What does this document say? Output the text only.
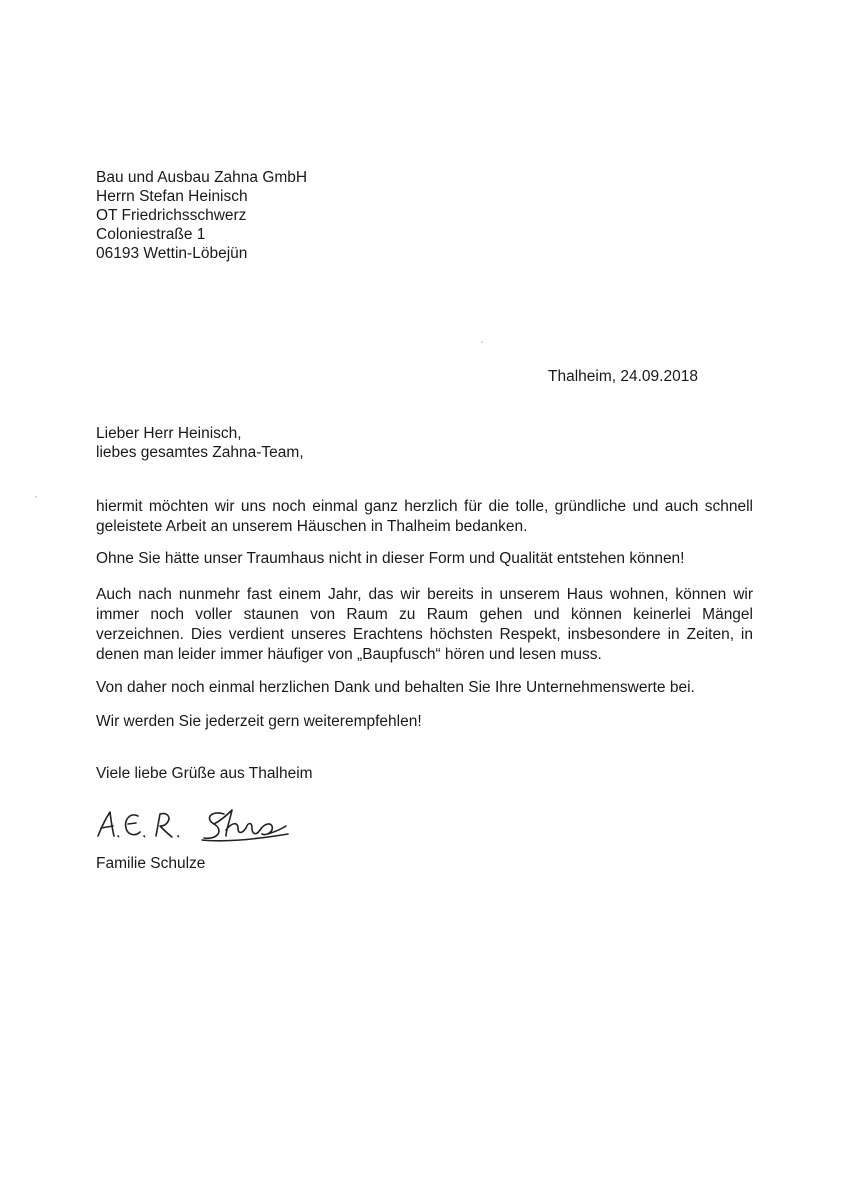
Bau und Ausbau Zahna GmbH
Herrn Stefan Heinisch
OT Friedrichsschwerz
Coloniestraße 1
06193 Wettin-Löbejün
Thalheim, 24.09.2018
Lieber Herr Heinisch,
liebes gesamtes Zahna-Team,
hiermit möchten wir uns noch einmal ganz herzlich für die tolle, gründliche und auch schnell geleistete Arbeit an unserem Häuschen in Thalheim bedanken.
Ohne Sie hätte unser Traumhaus nicht in dieser Form und Qualität entstehen können!
Auch nach nunmehr fast einem Jahr, das wir bereits in unserem Haus wohnen, können wir immer noch voller staunen von Raum zu Raum gehen und können keinerlei Mängel verzeichnen. Dies verdient unseres Erachtens höchsten Respekt, insbesondere in Zeiten, in denen man leider immer häufiger von „Baupfusch“ hören und lesen muss.
Von daher noch einmal herzlichen Dank und behalten Sie Ihre Unternehmenswerte bei.
Wir werden Sie jederzeit gern weiterempfehlen!
Viele liebe Grüße aus Thalheim
Familie Schulze
